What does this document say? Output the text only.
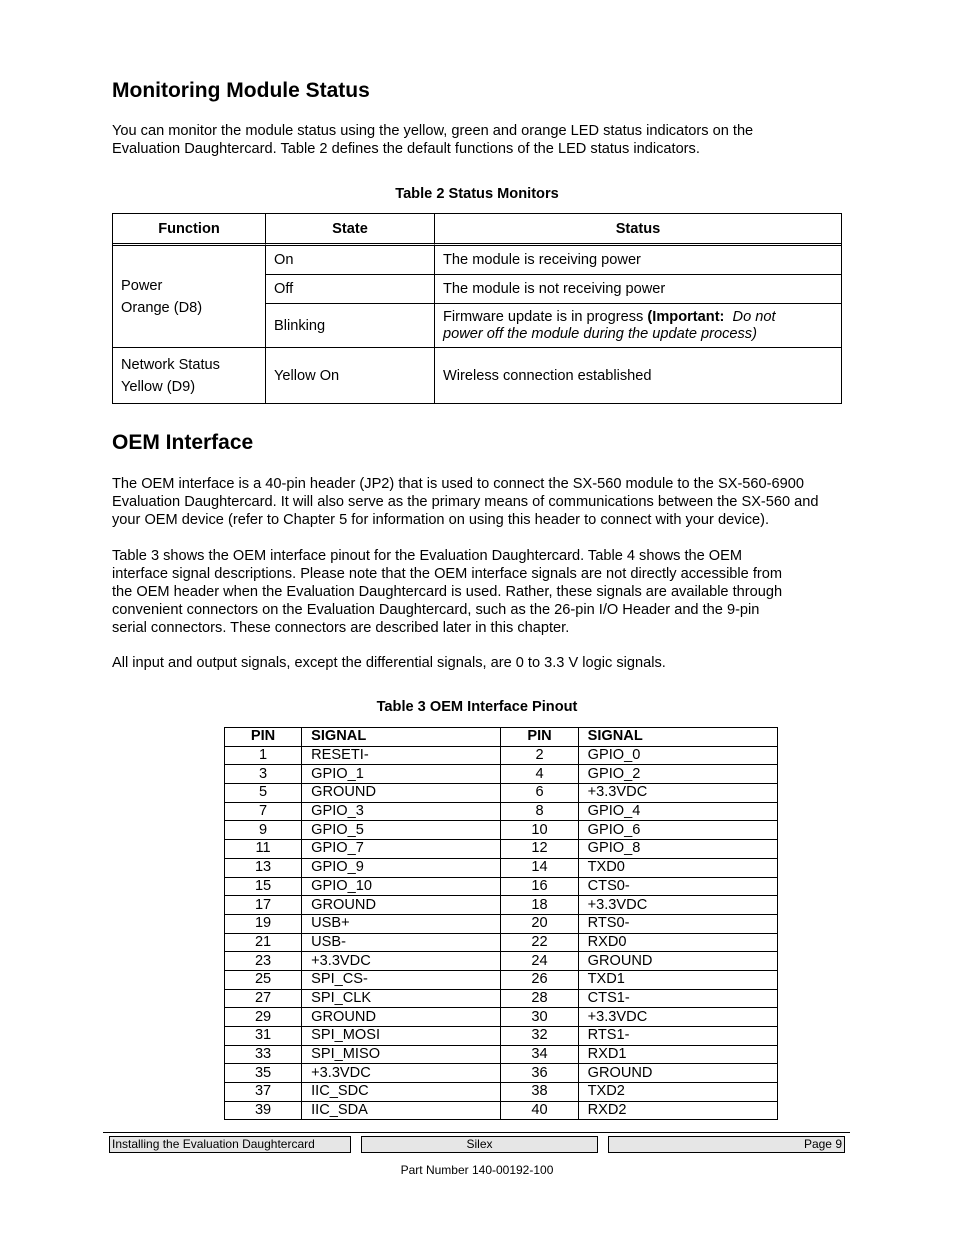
Monitoring Module Status

You can monitor the module status using the yellow, green and orange LED status indicators on the
Evaluation Daughtercard. Table 2 defines the default functions of the LED status indicators.

Table 2 Status Monitors
Function	State	Status

Power
Orange (D8)	On	The module is receiving power
	Off	The module is not receiving power
	Blinking	Firmware update is in progress (Important: Do not
power off the module during the update process)

Network Status
Yellow (D9)	Yellow On	Wireless connection established
OEM Interface

The OEM interface is a 40-pin header (JP2) that is used to connect the SX-560 module to the SX-560-6900
Evaluation Daughtercard. It will also serve as the primary means of communications between the SX-560 and
your OEM device (refer to Chapter 5 for information on using this header to connect with your device).

Table 3 shows the OEM interface pinout for the Evaluation Daughtercard. Table 4 shows the OEM
interface signal descriptions. Please note that the OEM interface signals are not directly accessible from
the OEM header when the Evaluation Daughtercard is used. Rather, these signals are available through
convenient connectors on the Evaluation Daughtercard, such as the 26-pin I/O Header and the 9-pin
serial connectors. These connectors are described later in this chapter.

All input and output signals, except the differential signals, are 0 to 3.3 V logic signals.

Table 3 OEM Interface Pinout
PIN	SIGNAL	PIN	SIGNAL
1	RESETI-	2	GPIO_0
3	GPIO_1	4	GPIO_2
5	GROUND	6	+3.3VDC
7	GPIO_3	8	GPIO_4
9	GPIO_5	10	GPIO_6
11	GPIO_7	12	GPIO_8
13	GPIO_9	14	TXD0
15	GPIO_10	16	CTS0-
17	GROUND	18	+3.3VDC
19	USB+	20	RTS0-
21	USB-	22	RXD0
23	+3.3VDC	24	GROUND
25	SPI_CS-	26	TXD1
27	SPI_CLK	28	CTS1-
29	GROUND	30	+3.3VDC
31	SPI_MOSI	32	RTS1-
33	SPI_MISO	34	RXD1
35	+3.3VDC	36	GROUND
37	IIC_SDC	38	TXD2
39	IIC_SDA	40	RXD2
Installing the Evaluation Daughtercard	Silex	Page 9
Part Number 140-00192-100
